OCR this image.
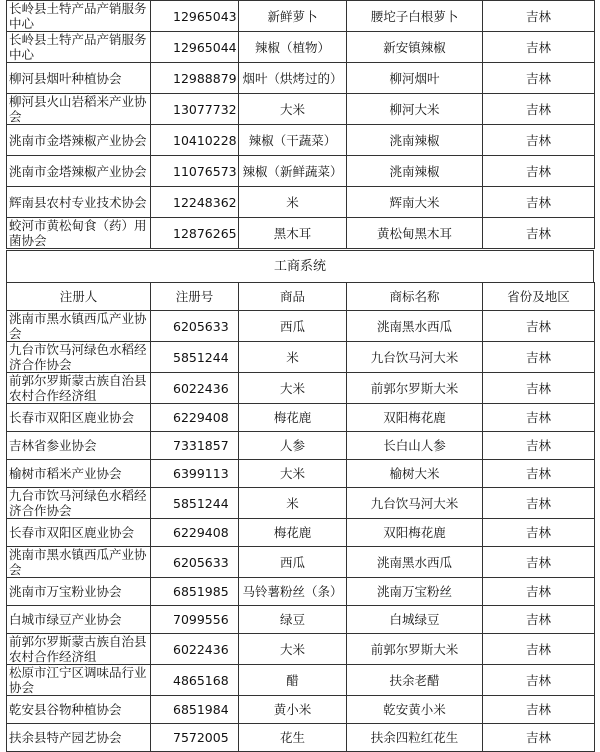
长岭县土特产品产销服务中心	12965043	新鲜萝卜	腰坨子白根萝卜	吉林
长岭县土特产品产销服务中心	12965044	辣椒（植物）	新安镇辣椒	吉林
柳河县烟叶种植协会	12988879	烟叶（烘烤过的）	柳河烟叶	吉林
柳河县火山岩稻米产业协会	13077732	大米	柳河大米	吉林
洮南市金塔辣椒产业协会	10410228	辣椒（干蔬菜）	洮南辣椒	吉林
洮南市金塔辣椒产业协会	11076573	辣椒（新鲜蔬菜）	洮南辣椒	吉林
辉南县农村专业技术协会	12248362	米	辉南大米	吉林
蛟河市黄松甸食（药）用菌协会	12876265	黑木耳	黄松甸黑木耳	吉林
工商系统
注册人	注册号	商品	商标名称	省份及地区
洮南市黑水镇西瓜产业协会	6205633	西瓜	洮南黑水西瓜	吉林
九台市饮马河绿色水稻经济合作协会	5851244	米	九台饮马河大米	吉林
前郭尔罗斯蒙古族自治县农村合作经济组	6022436	大米	前郭尔罗斯大米	吉林
长春市双阳区鹿业协会	6229408	梅花鹿	双阳梅花鹿	吉林
吉林省参业协会	7331857	人参	长白山人参	吉林
榆树市稻米产业协会	6399113	大米	榆树大米	吉林
九台市饮马河绿色水稻经济合作协会	5851244	米	九台饮马河大米	吉林
长春市双阳区鹿业协会	6229408	梅花鹿	双阳梅花鹿	吉林
洮南市黑水镇西瓜产业协会	6205633	西瓜	洮南黑水西瓜	吉林
洮南市万宝粉业协会	6851985	马铃薯粉丝（条）	洮南万宝粉丝	吉林
白城市绿豆产业协会	7099556	绿豆	白城绿豆	吉林
前郭尔罗斯蒙古族自治县农村合作经济组	6022436	大米	前郭尔罗斯大米	吉林
松原市江宁区调味品行业协会	4865168	醋	扶余老醋	吉林
乾安县谷物种植协会	6851984	黄小米	乾安黄小米	吉林
扶余县特产园艺协会	7572005	花生	扶余四粒红花生	吉林
